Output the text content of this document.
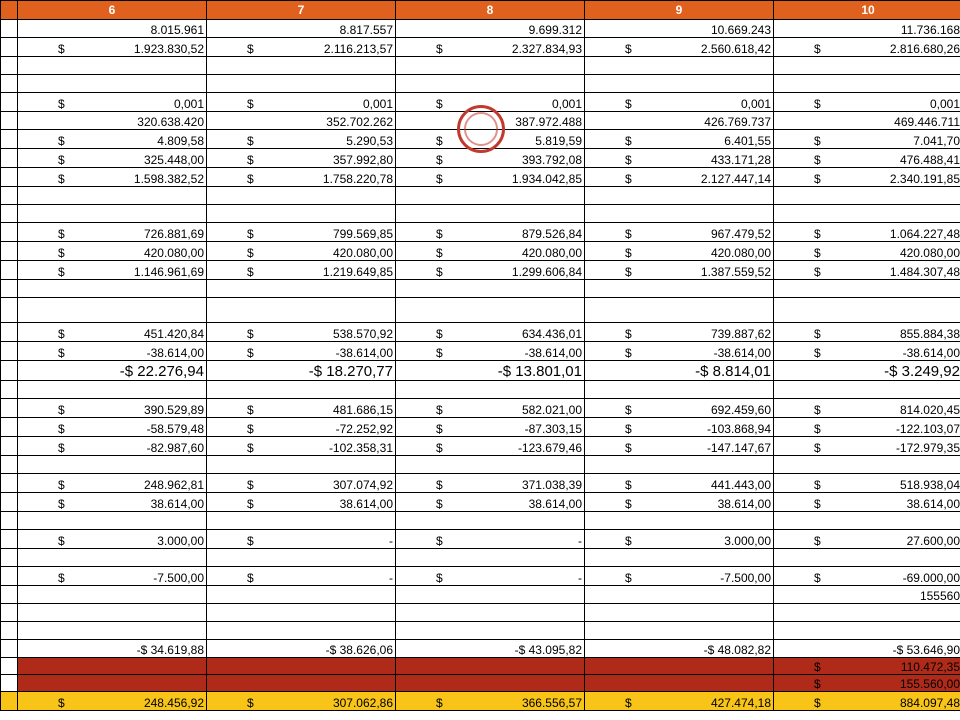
	6	7	8	9	10

	8.015.961	8.817.557	9.699.312	10.669.243	11.736.168

	$ 1.923.830,52	$ 2.116.213,57	$ 2.327.834,93	$ 2.560.618,42	$ 2.816.680,26

	$ 0,001	$ 0,001	$ 0,001	$ 0,001	$ 0,001

	320.638.420	352.702.262	387.972.488	426.769.737	469.446.711

	$ 4.809,58	$ 5.290,53	$ 5.819,59	$ 6.401,55	$ 7.041,70

	$ 325.448,00	$ 357.992,80	$ 393.792,08	$ 433.171,28	$ 476.488,41

	$ 1.598.382,52	$ 1.758.220,78	$ 1.934.042,85	$ 2.127.447,14	$ 2.340.191,85

	$ 726.881,69	$ 799.569,85	$ 879.526,84	$ 967.479,52	$ 1.064.227,48

	$ 420.080,00	$ 420.080,00	$ 420.080,00	$ 420.080,00	$ 420.080,00

	$ 1.146.961,69	$ 1.219.649,85	$ 1.299.606,84	$ 1.387.559,52	$ 1.484.307,48

	$ 451.420,84	$ 538.570,92	$ 634.436,01	$ 739.887,62	$ 855.884,38

	$ -38.614,00	$ -38.614,00	$ -38.614,00	$ -38.614,00	$ -38.614,00

	-$ 22.276,94	-$ 18.270,77	-$ 13.801,01	-$ 8.814,01	-$ 3.249,92

	$ 390.529,89	$ 481.686,15	$ 582.021,00	$ 692.459,60	$ 814.020,45

	$ -58.579,48	$ -72.252,92	$ -87.303,15	$ -103.868,94	$ -122.103,07

	$ -82.987,60	$ -102.358,31	$ -123.679,46	$ -147.147,67	$ -172.979,35

	$ 248.962,81	$ 307.074,92	$ 371.038,39	$ 441.443,00	$ 518.938,04

	$ 38.614,00	$ 38.614,00	$ 38.614,00	$ 38.614,00	$ 38.614,00

	$ 3.000,00	$ -	$ -	$ 3.000,00	$ 27.600,00

	$ -7.500,00	$ -	$ -	$ -7.500,00	$ -69.000,00

					155560

	-$ 34.619,88	-$ 38.626,06	-$ 43.095,82	-$ 48.082,82	-$ 53.646,90

					$ 110.472,35

					$ 155.560,00

	$ 248.456,92	$ 307.062,86	$ 366.556,57	$ 427.474,18	$ 884.097,48
